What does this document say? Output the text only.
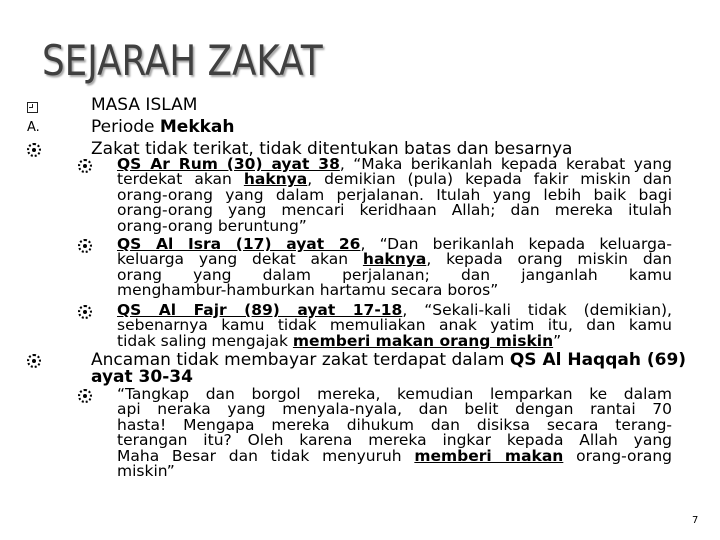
SEJARAH ZAKAT
MASA ISLAM
A.	Periode Mekkah
Zakat tidak terikat, tidak ditentukan batas dan besarnya
QS Ar Rum (30) ayat 38, “Maka berikanlah kepada kerabat yang
terdekat akan haknya, demikian (pula) kepada fakir miskin dan
orang-orang yang dalam perjalanan. Itulah yang lebih baik bagi
orang-orang yang mencari keridhaan Allah; dan mereka itulah
orang-orang beruntung”
QS Al Isra (17) ayat 26, “Dan berikanlah kepada keluarga-
keluarga yang dekat akan haknya, kepada orang miskin dan
orang yang dalam perjalanan; dan janganlah kamu
menghambur-hamburkan hartamu secara boros”
QS Al Fajr (89) ayat 17-18, “Sekali-kali tidak (demikian),
sebenarnya kamu tidak memuliakan anak yatim itu, dan kamu
tidak saling mengajak memberi makan orang miskin”
Ancaman tidak membayar zakat terdapat dalam QS Al Haqqah (69)
ayat 30-34
“Tangkap dan borgol mereka, kemudian lemparkan ke dalam
api neraka yang menyala-nyala, dan belit dengan rantai 70
hasta! Mengapa mereka dihukum dan disiksa secara terang-
terangan itu? Oleh karena mereka ingkar kepada Allah yang
Maha Besar dan tidak menyuruh memberi makan orang-orang
miskin”
7
